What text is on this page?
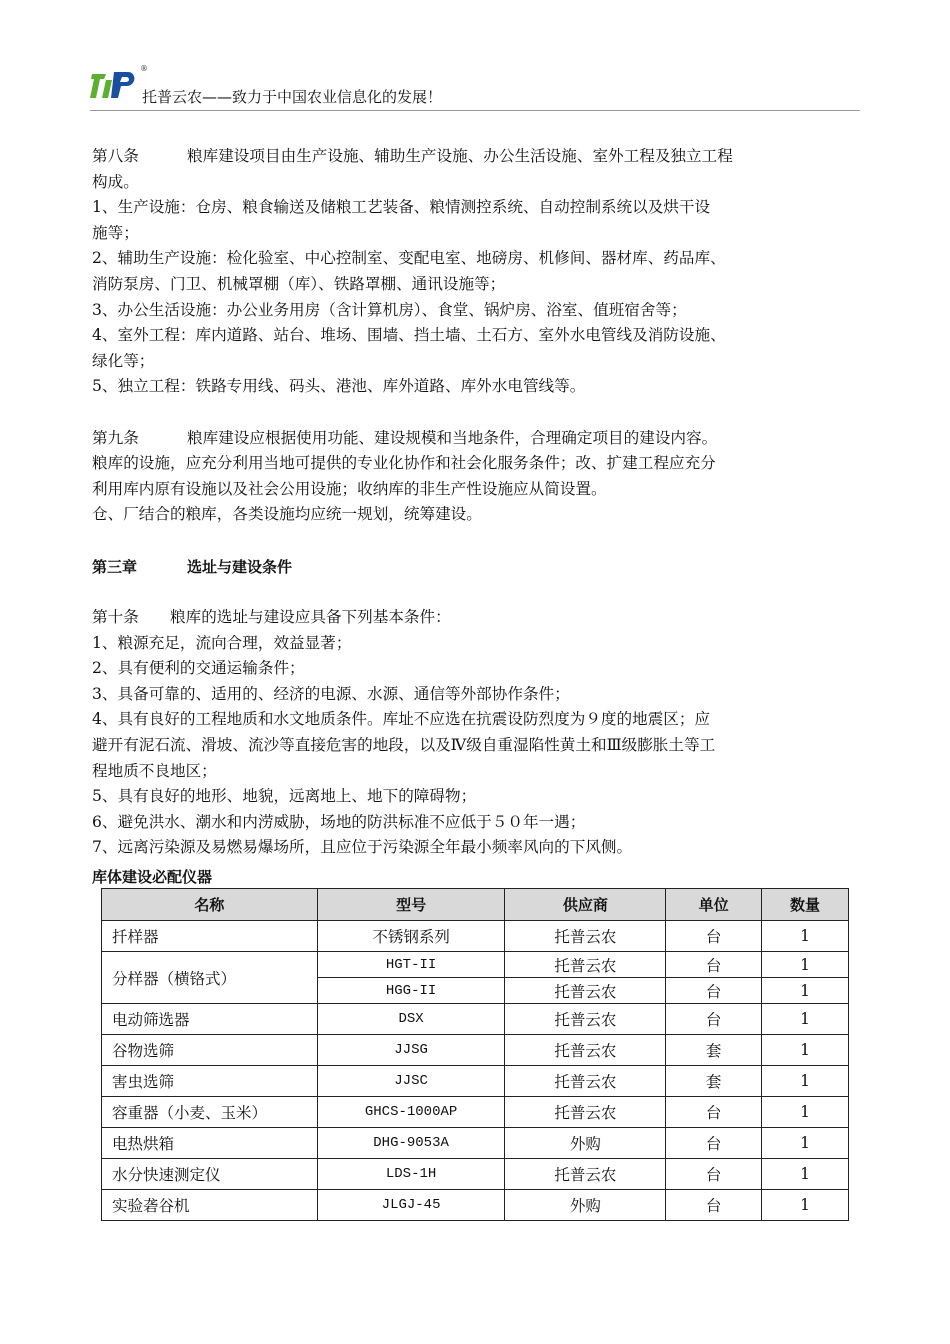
®
托普云农——致力于中国农业信息化的发展！

第八条	粮库建设项目由生产设施、辅助生产设施、办公生活设施、室外工程及独立工程

构成。

1、生产设施：仓房、粮食输送及储粮工艺装备、粮情测控系统、自动控制系统以及烘干设

施等；

2、辅助生产设施：检化验室、中心控制室、变配电室、地磅房、机修间、器材库、药品库、

消防泵房、门卫、机械罩棚（库）、铁路罩棚、通讯设施等；

3、办公生活设施：办公业务用房（含计算机房）、食堂、锅炉房、浴室、值班宿舍等；

4、室外工程：库内道路、站台、堆场、围墙、挡土墙、土石方、室外水电管线及消防设施、

绿化等；

5、独立工程：铁路专用线、码头、港池、库外道路、库外水电管线等。

第九条	粮库建设应根据使用功能、建设规模和当地条件，合理确定项目的建设内容。

粮库的设施，应充分利用当地可提供的专业化协作和社会化服务条件；改、扩建工程应充分

利用库内原有设施以及社会公用设施；收纳库的非生产性设施应从简设置。

仓、厂结合的粮库，各类设施均应统一规划，统筹建设。

第三章	选址与建设条件

第十条 粮库的选址与建设应具备下列基本条件：

1、粮源充足，流向合理，效益显著；

2、具有便利的交通运输条件；

3、具备可靠的、适用的、经济的电源、水源、通信等外部协作条件；

4、具有良好的工程地质和水文地质条件。库址不应选在抗震设防烈度为９度的地震区；应

避开有泥石流、滑坡、流沙等直接危害的地段，以及Ⅳ级自重湿陷性黄土和Ⅲ级膨胀土等工

程地质不良地区；

5、具有良好的地形、地貌，远离地上、地下的障碍物；

6、避免洪水、潮水和内涝威胁，场地的防洪标准不应低于５０年一遇；

7、远离污染源及易燃易爆场所，且应位于污染源全年最小频率风向的下风侧。

库体建设必配仪器
名称	型号	供应商	单位	数量
扦样器	不锈钢系列	托普云农	台	1
分样器（横铬式）	HGT-II	托普云农	台	1
	HGG-II	托普云农	台	1
电动筛选器	DSX	托普云农	台	1
谷物选筛	JJSG	托普云农	套	1
害虫选筛	JJSC	托普云农	套	1
容重器（小麦、玉米）	GHCS-1000AP	托普云农	台	1
电热烘箱	DHG-9053A	外购	台	1
水分快速测定仪	LDS-1H	托普云农	台	1
实验砻谷机	JLGJ-45	外购	台	1
